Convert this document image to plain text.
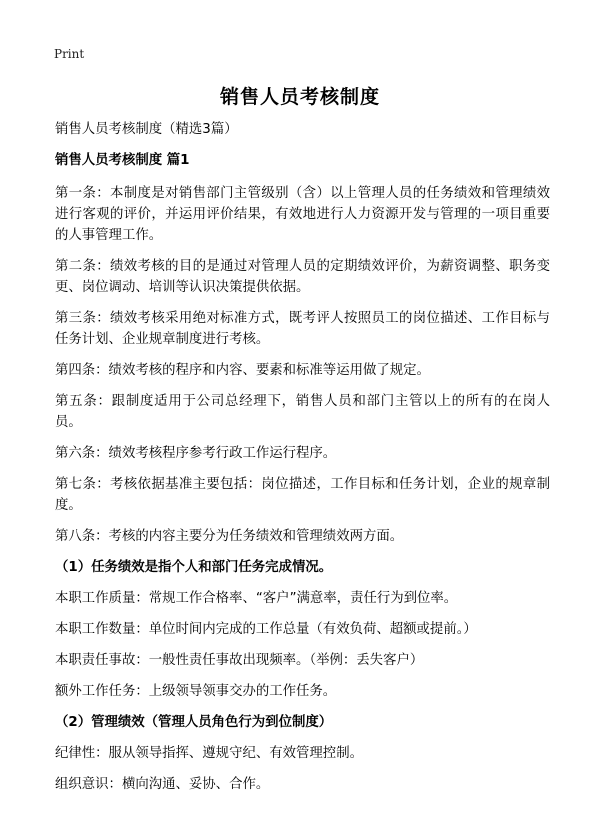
Print
销售人员考核制度

销售人员考核制度（精选3篇）

销售人员考核制度 篇1

第一条：本制度是对销售部门主管级别（含）以上管理人员的任务绩效和管理绩效进行客观的评价，并运用评价结果，有效地进行人力资源开发与管理的一项目重要的人事管理工作。

第二条：绩效考核的目的是通过对管理人员的定期绩效评价，为薪资调整、职务变更、岗位调动、培训等认识决策提供依据。

第三条：绩效考核采用绝对标准方式，既考评人按照员工的岗位描述、工作目标与任务计划、企业规章制度进行考核。

第四条：绩效考核的程序和内容、要素和标准等运用做了规定。

第五条：跟制度适用于公司总经理下，销售人员和部门主管以上的所有的在岗人员。

第六条：绩效考核程序参考行政工作运行程序。

第七条：考核依据基准主要包括：岗位描述，工作目标和任务计划，企业的规章制度。

第八条：考核的内容主要分为任务绩效和管理绩效两方面。

（1）任务绩效是指个人和部门任务完成情况。

本职工作质量：常规工作合格率、“客户”满意率，责任行为到位率。

本职工作数量：单位时间内完成的工作总量（有效负荷、超额或提前。）

本职责任事故：一般性责任事故出现频率。（举例：丢失客户）

额外工作任务：上级领导领事交办的工作任务。

（2）管理绩效（管理人员角色行为到位制度）

纪律性：服从领导指挥、遵规守纪、有效管理控制。

组织意识：横向沟通、妥协、合作。
